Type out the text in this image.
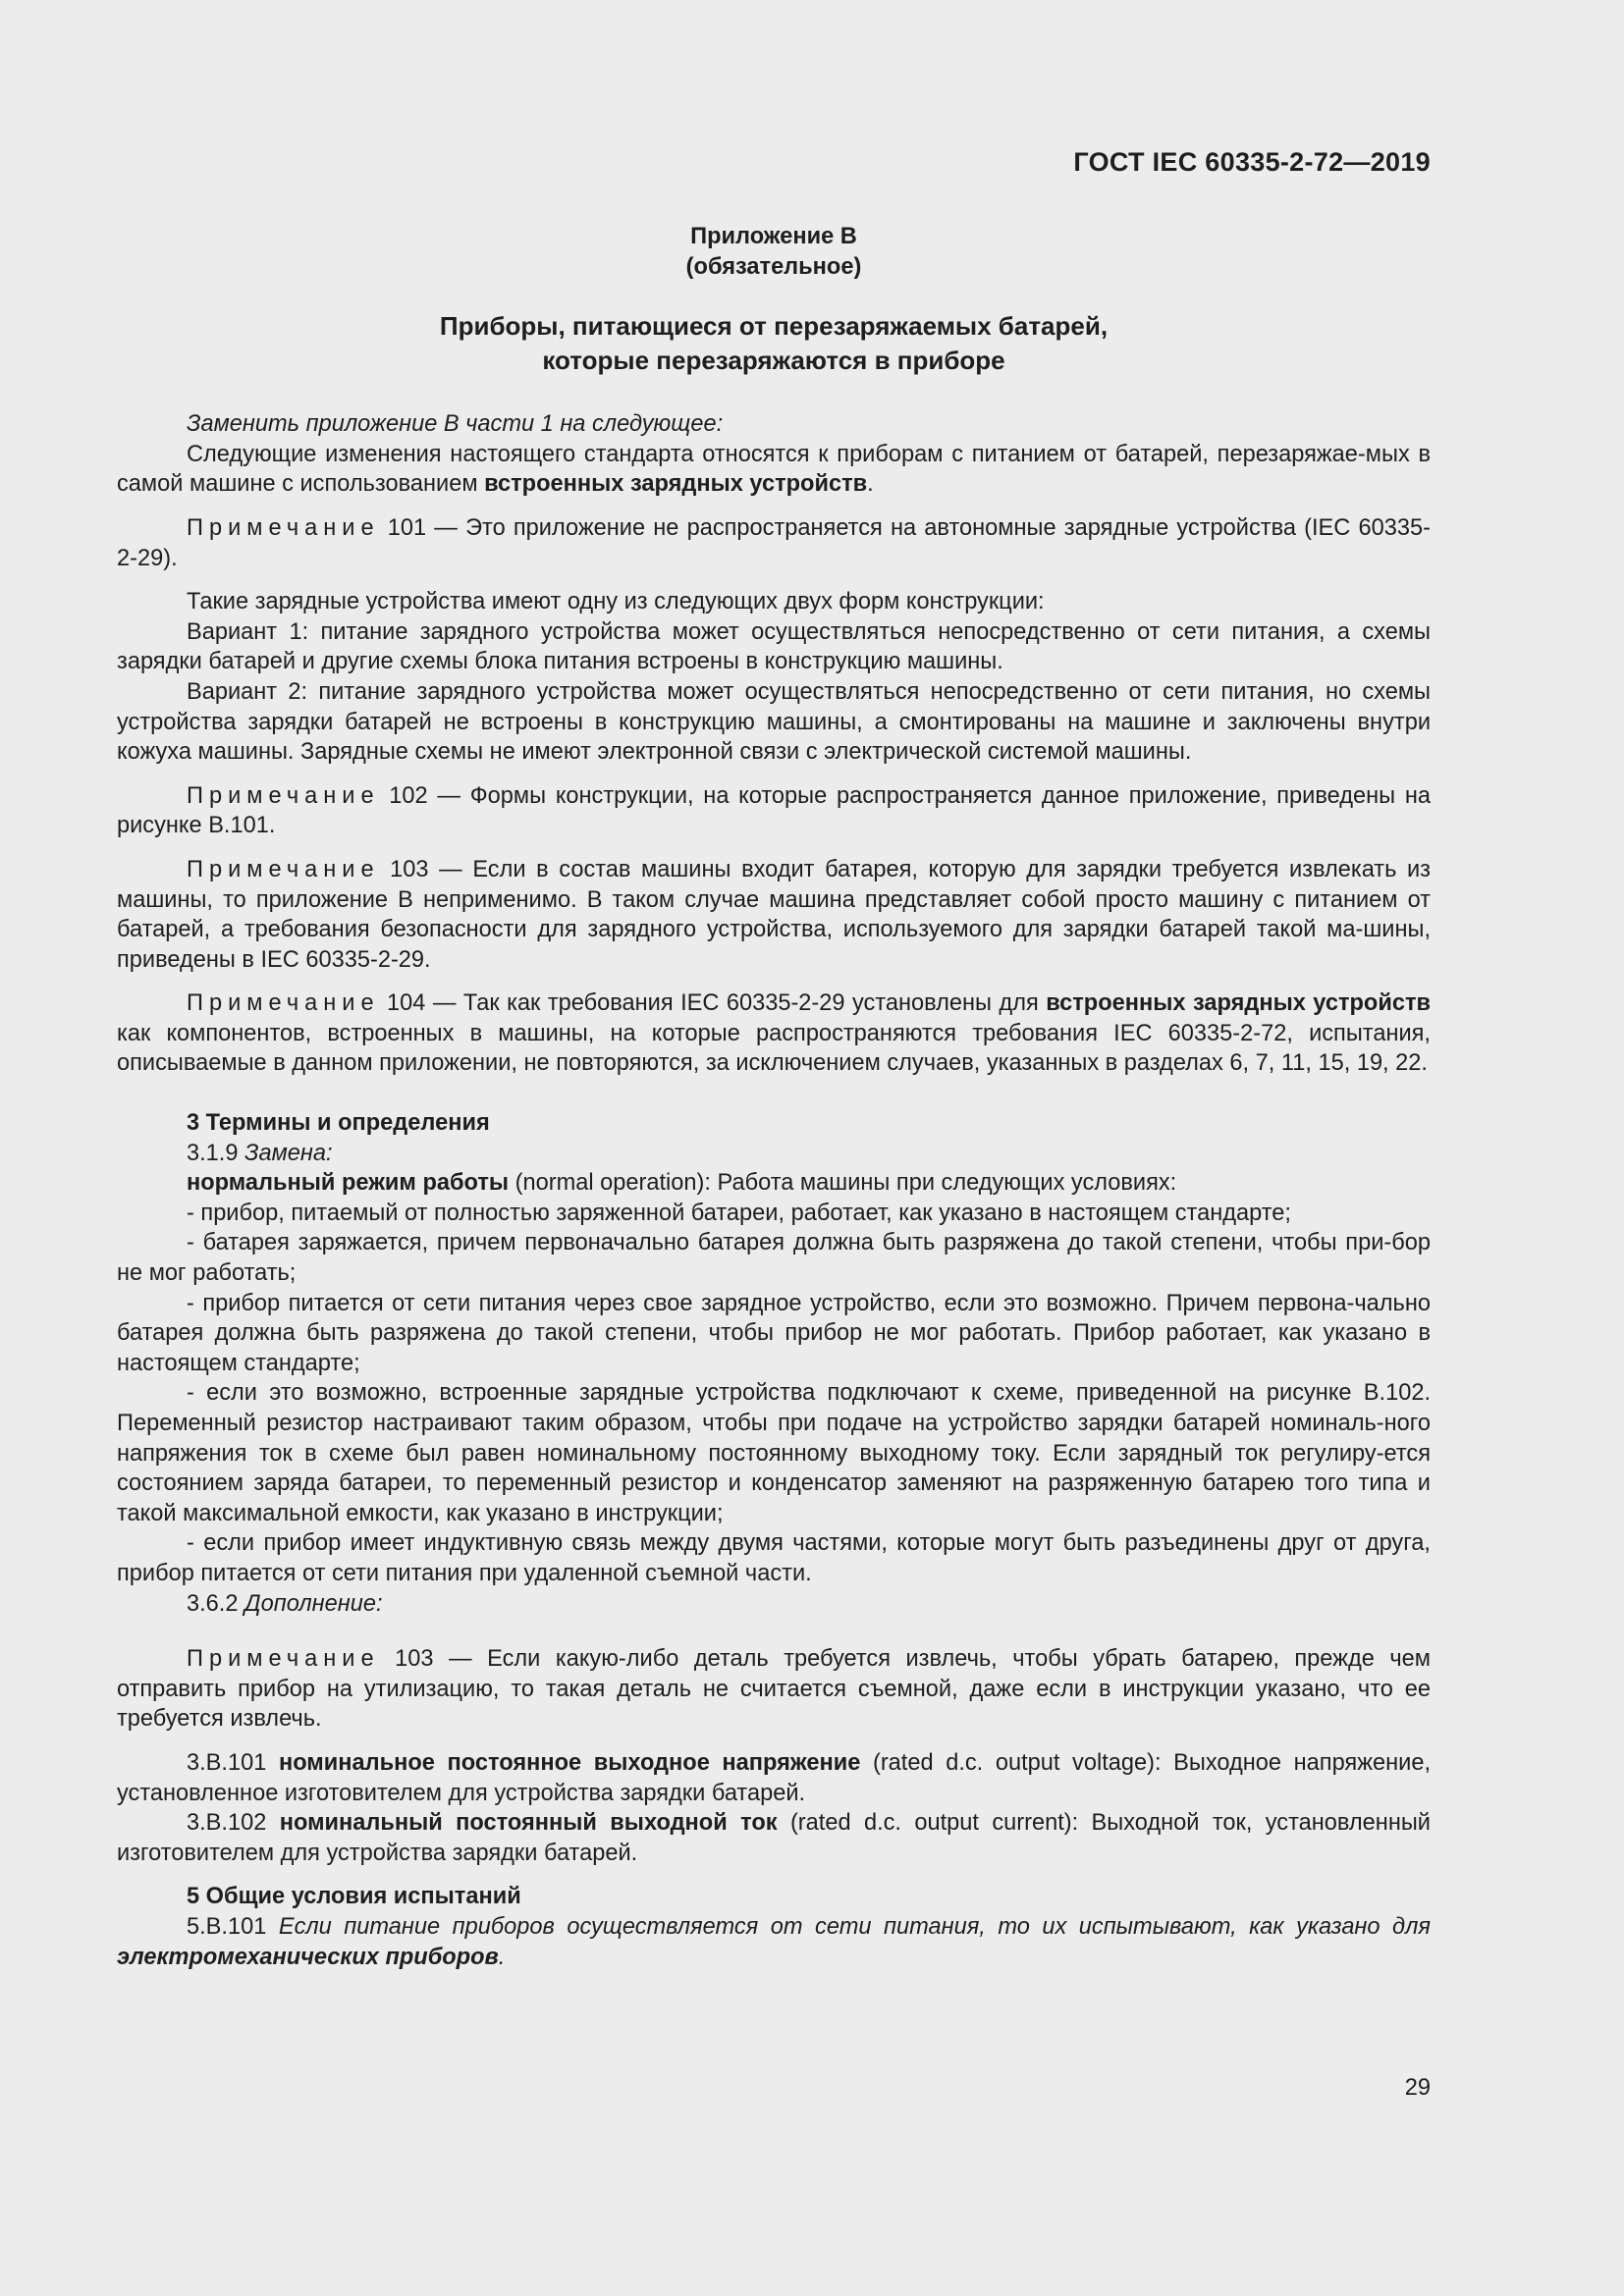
ГОСТ IEC 60335-2-72—2019
Приложение В
(обязательное)
Приборы, питающиеся от перезаряжаемых батарей,
которые перезаряжаются в приборе

Заменить приложение В части 1 на следующее:

Следующие изменения настоящего стандарта относятся к приборам с питанием от батарей, перезаряжае-мых в самой машине с использованием встроенных зарядных устройств.

Примечание 101 — Это приложение не распространяется на автономные зарядные устройства (IEC 60335-2-29).

Такие зарядные устройства имеют одну из следующих двух форм конструкции:

Вариант 1: питание зарядного устройства может осуществляться непосредственно от сети питания, а схемы зарядки батарей и другие схемы блока питания встроены в конструкцию машины.

Вариант 2: питание зарядного устройства может осуществляться непосредственно от сети питания, но схемы устройства зарядки батарей не встроены в конструкцию машины, а смонтированы на машине и заключены внутри кожуха машины. Зарядные схемы не имеют электронной связи с электрической системой машины.

Примечание 102 — Формы конструкции, на которые распространяется данное приложение, приведены на рисунке В.101.

Примечание 103 — Если в состав машины входит батарея, которую для зарядки требуется извлекать из машины, то приложение В неприменимо. В таком случае машина представляет собой просто машину с питанием от батарей, а требования безопасности для зарядного устройства, используемого для зарядки батарей такой ма-шины, приведены в IEC 60335-2-29.

Примечание 104 — Так как требования IEC 60335-2-29 установлены для встроенных зарядных устройств как компонентов, встроенных в машины, на которые распространяются требования IEC 60335-2-72, испытания, описываемые в данном приложении, не повторяются, за исключением случаев, указанных в разделах 6, 7, 11, 15, 19, 22.

3 Термины и определения

3.1.9 Замена:

нормальный режим работы (normal operation): Работа машины при следующих условиях:

- прибор, питаемый от полностью заряженной батареи, работает, как указано в настоящем стандарте;

- батарея заряжается, причем первоначально батарея должна быть разряжена до такой степени, чтобы при-бор не мог работать;

- прибор питается от сети питания через свое зарядное устройство, если это возможно. Причем первона-чально батарея должна быть разряжена до такой степени, чтобы прибор не мог работать. Прибор работает, как указано в настоящем стандарте;

- если это возможно, встроенные зарядные устройства подключают к схеме, приведенной на рисунке В.102. Переменный резистор настраивают таким образом, чтобы при подаче на устройство зарядки батарей номиналь-ного напряжения ток в схеме был равен номинальному постоянному выходному току. Если зарядный ток регулиру-ется состоянием заряда батареи, то переменный резистор и конденсатор заменяют на разряженную батарею того типа и такой максимальной емкости, как указано в инструкции;

- если прибор имеет индуктивную связь между двумя частями, которые могут быть разъединены друг от друга, прибор питается от сети питания при удаленной съемной части.

3.6.2 Дополнение:

Примечание 103 — Если какую-либо деталь требуется извлечь, чтобы убрать батарею, прежде чем отправить прибор на утилизацию, то такая деталь не считается съемной, даже если в инструкции указано, что ее требуется извлечь.

3.В.101 номинальное постоянное выходное напряжение (rated d.c. output voltage): Выходное напряжение, установленное изготовителем для устройства зарядки батарей.

3.В.102 номинальный постоянный выходной ток (rated d.c. output current): Выходной ток, установленный изготовителем для устройства зарядки батарей.

5 Общие условия испытаний

5.В.101 Если питание приборов осуществляется от сети питания, то их испытывают, как указано для электромеханических приборов.

29
